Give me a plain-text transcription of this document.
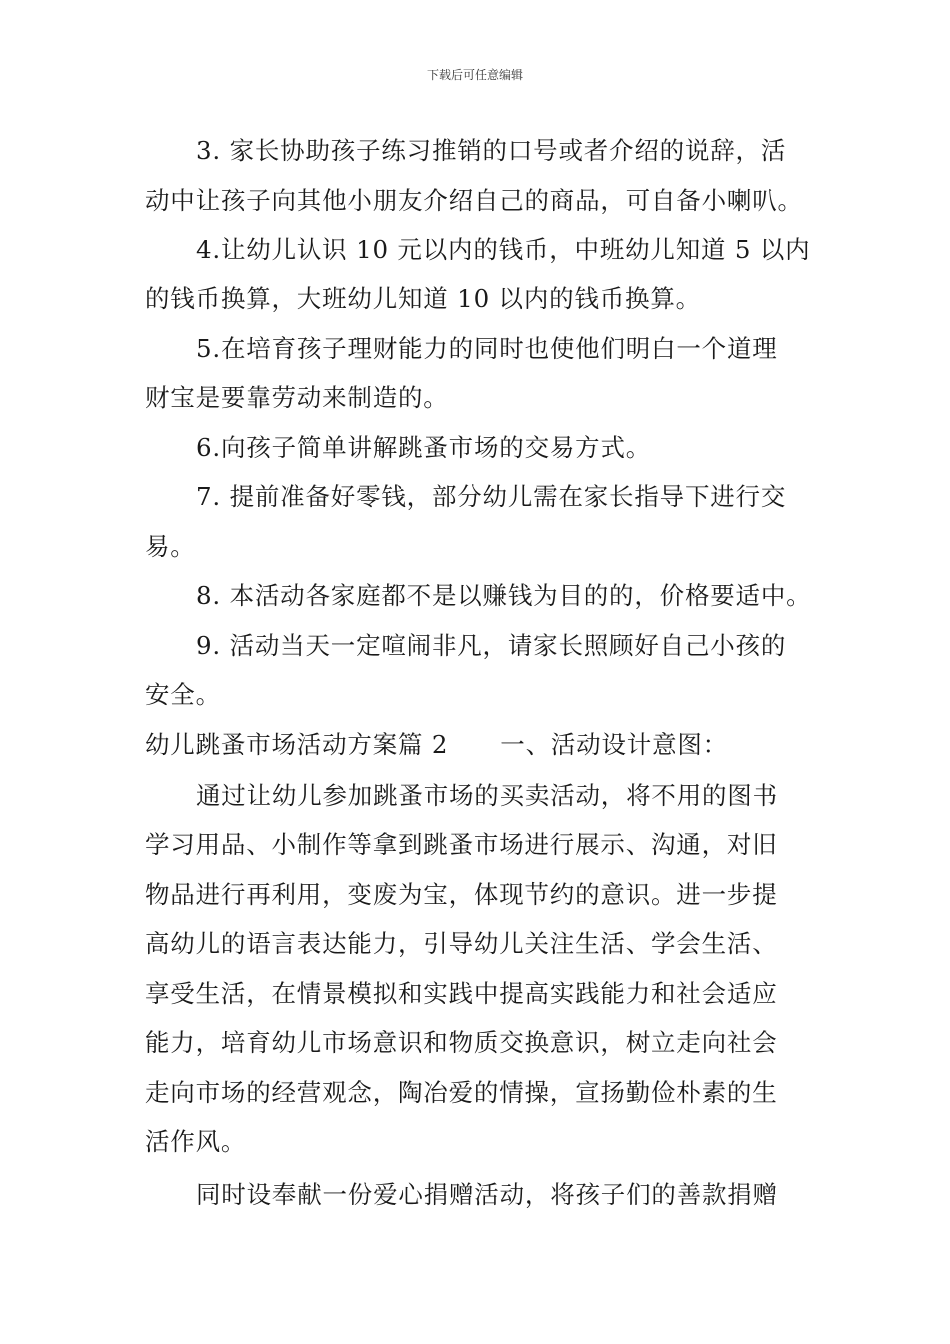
下载后可任意编辑
3. 家长协助孩子练习推销的口号或者介绍的说辞，活
动中让孩子向其他小朋友介绍自己的商品，可自备小喇叭。
4.让幼儿认识 10 元以内的钱币，中班幼儿知道 5 以内
的钱币换算，大班幼儿知道 10 以内的钱币换算。
5.在培育孩子理财能力的同时也使他们明白一个道理
财宝是要靠劳动来制造的。
6.向孩子简单讲解跳蚤市场的交易方式。
7. 提前准备好零钱，部分幼儿需在家长指导下进行交
易。
8. 本活动各家庭都不是以赚钱为目的的，价格要适中。
9. 活动当天一定喧闹非凡，请家长照顾好自己小孩的
安全。
幼儿跳蚤市场活动方案篇 2 一、活动设计意图：
通过让幼儿参加跳蚤市场的买卖活动，将不用的图书
学习用品、小制作等拿到跳蚤市场进行展示、沟通，对旧
物品进行再利用，变废为宝，体现节约的意识。进一步提
高幼儿的语言表达能力，引导幼儿关注生活、学会生活、
享受生活，在情景模拟和实践中提高实践能力和社会适应
能力，培育幼儿市场意识和物质交换意识，树立走向社会
走向市场的经营观念，陶冶爱的情操，宣扬勤俭朴素的生
活作风。
同时设奉献一份爱心捐赠活动，将孩子们的善款捐赠
